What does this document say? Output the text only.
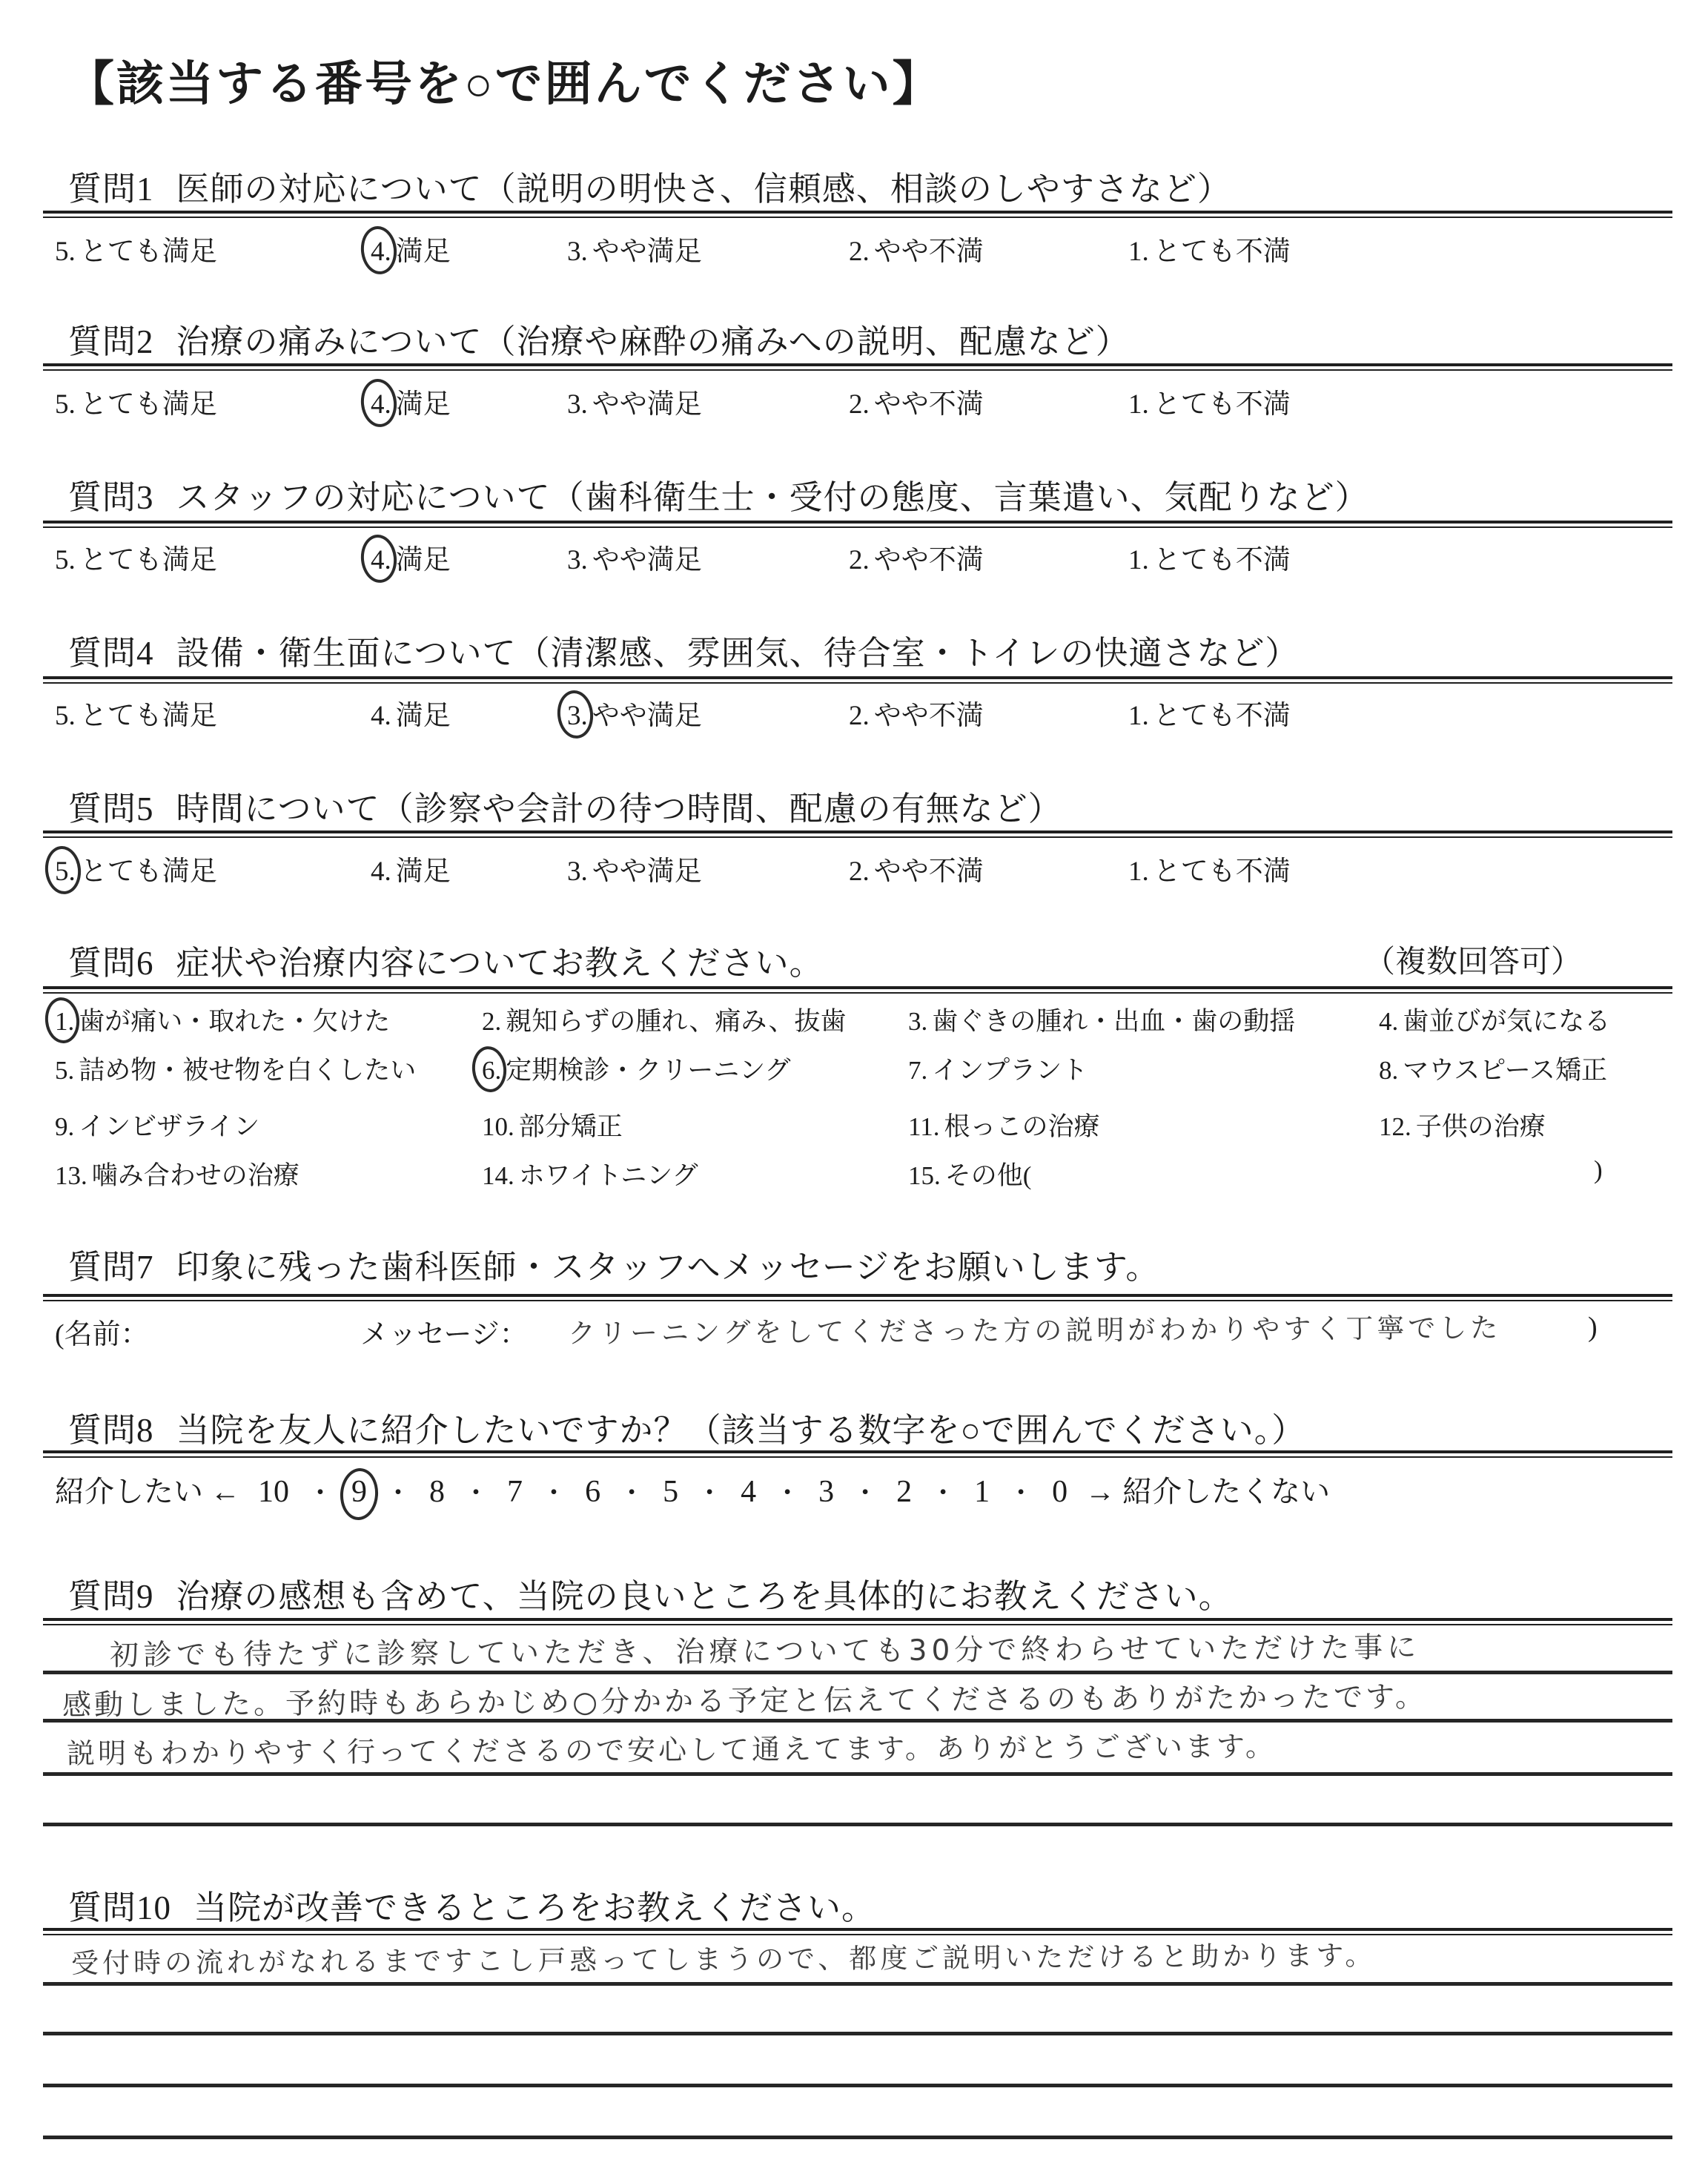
【該当する番号を○で囲んでください】
質問1 医師の対応について（説明の明快さ、信頼感、相談のしやすさなど）
5. とても満足	4. 満足	3. やや満足	2. やや不満	1. とても不満
質問2 治療の痛みについて（治療や麻酔の痛みへの説明、配慮など）
5. とても満足	4. 満足	3. やや満足	2. やや不満	1. とても不満
質問3 スタッフの対応について（歯科衛生士・受付の態度、言葉遣い、気配りなど）
5. とても満足	4. 満足	3. やや満足	2. やや不満	1. とても不満
質問4 設備・衛生面について（清潔感、雰囲気、待合室・トイレの快適さなど）
5. とても満足	4. 満足	3. やや満足	2. やや不満	1. とても不満
質問5 時間について（診察や会計の待つ時間、配慮の有無など）
5. とても満足	4. 満足	3. やや満足	2. やや不満	1. とても不満
質問6 症状や治療内容についてお教えください。	（複数回答可）
1. 歯が痛い・取れた・欠けた	2. 親知らずの腫れ、痛み、抜歯 3. 歯ぐきの腫れ・出血・歯の動揺	4. 歯並びが気になる
5. 詰め物・被せ物を白くしたい	6. 定期検診・クリーニング	7. インプラント	8. マウスピース矯正
9. インビザライン	10. 部分矯正	11. 根っこの治療	12. 子供の治療
13. 噛み合わせの治療	14. ホワイトニング	15. その他(	)
質問7 印象に残った歯科医師・スタッフへメッセージをお願いします。
(名前：	メッセージ： クリーニングをしてくださった方の説明がわかりやすく丁寧でした	)
質問8 当院を友人に紹介したいですか？（該当する数字を○で囲んでください。）
紹介したい ← 10 ・ 9 ・ 8 ・ 7 ・ 6 ・ 5 ・ 4 ・ 3 ・ 2 ・ 1 ・ 0 → 紹介したくない
質問9 治療の感想も含めて、当院の良いところを具体的にお教えください。
初診でも待たずに診察していただき、治療についても30分で終わらせていただけた事に
感動しました。予約時もあらかじめ○分かかる予定と伝えてくださるのもありがたかったです。
説明もわかりやすく行ってくださるので安心して通えてます。ありがとうございます。
質問10 当院が改善できるところをお教えください。
受付時の流れがなれるまですこし戸惑ってしまうので、都度ご説明いただけると助かります。
